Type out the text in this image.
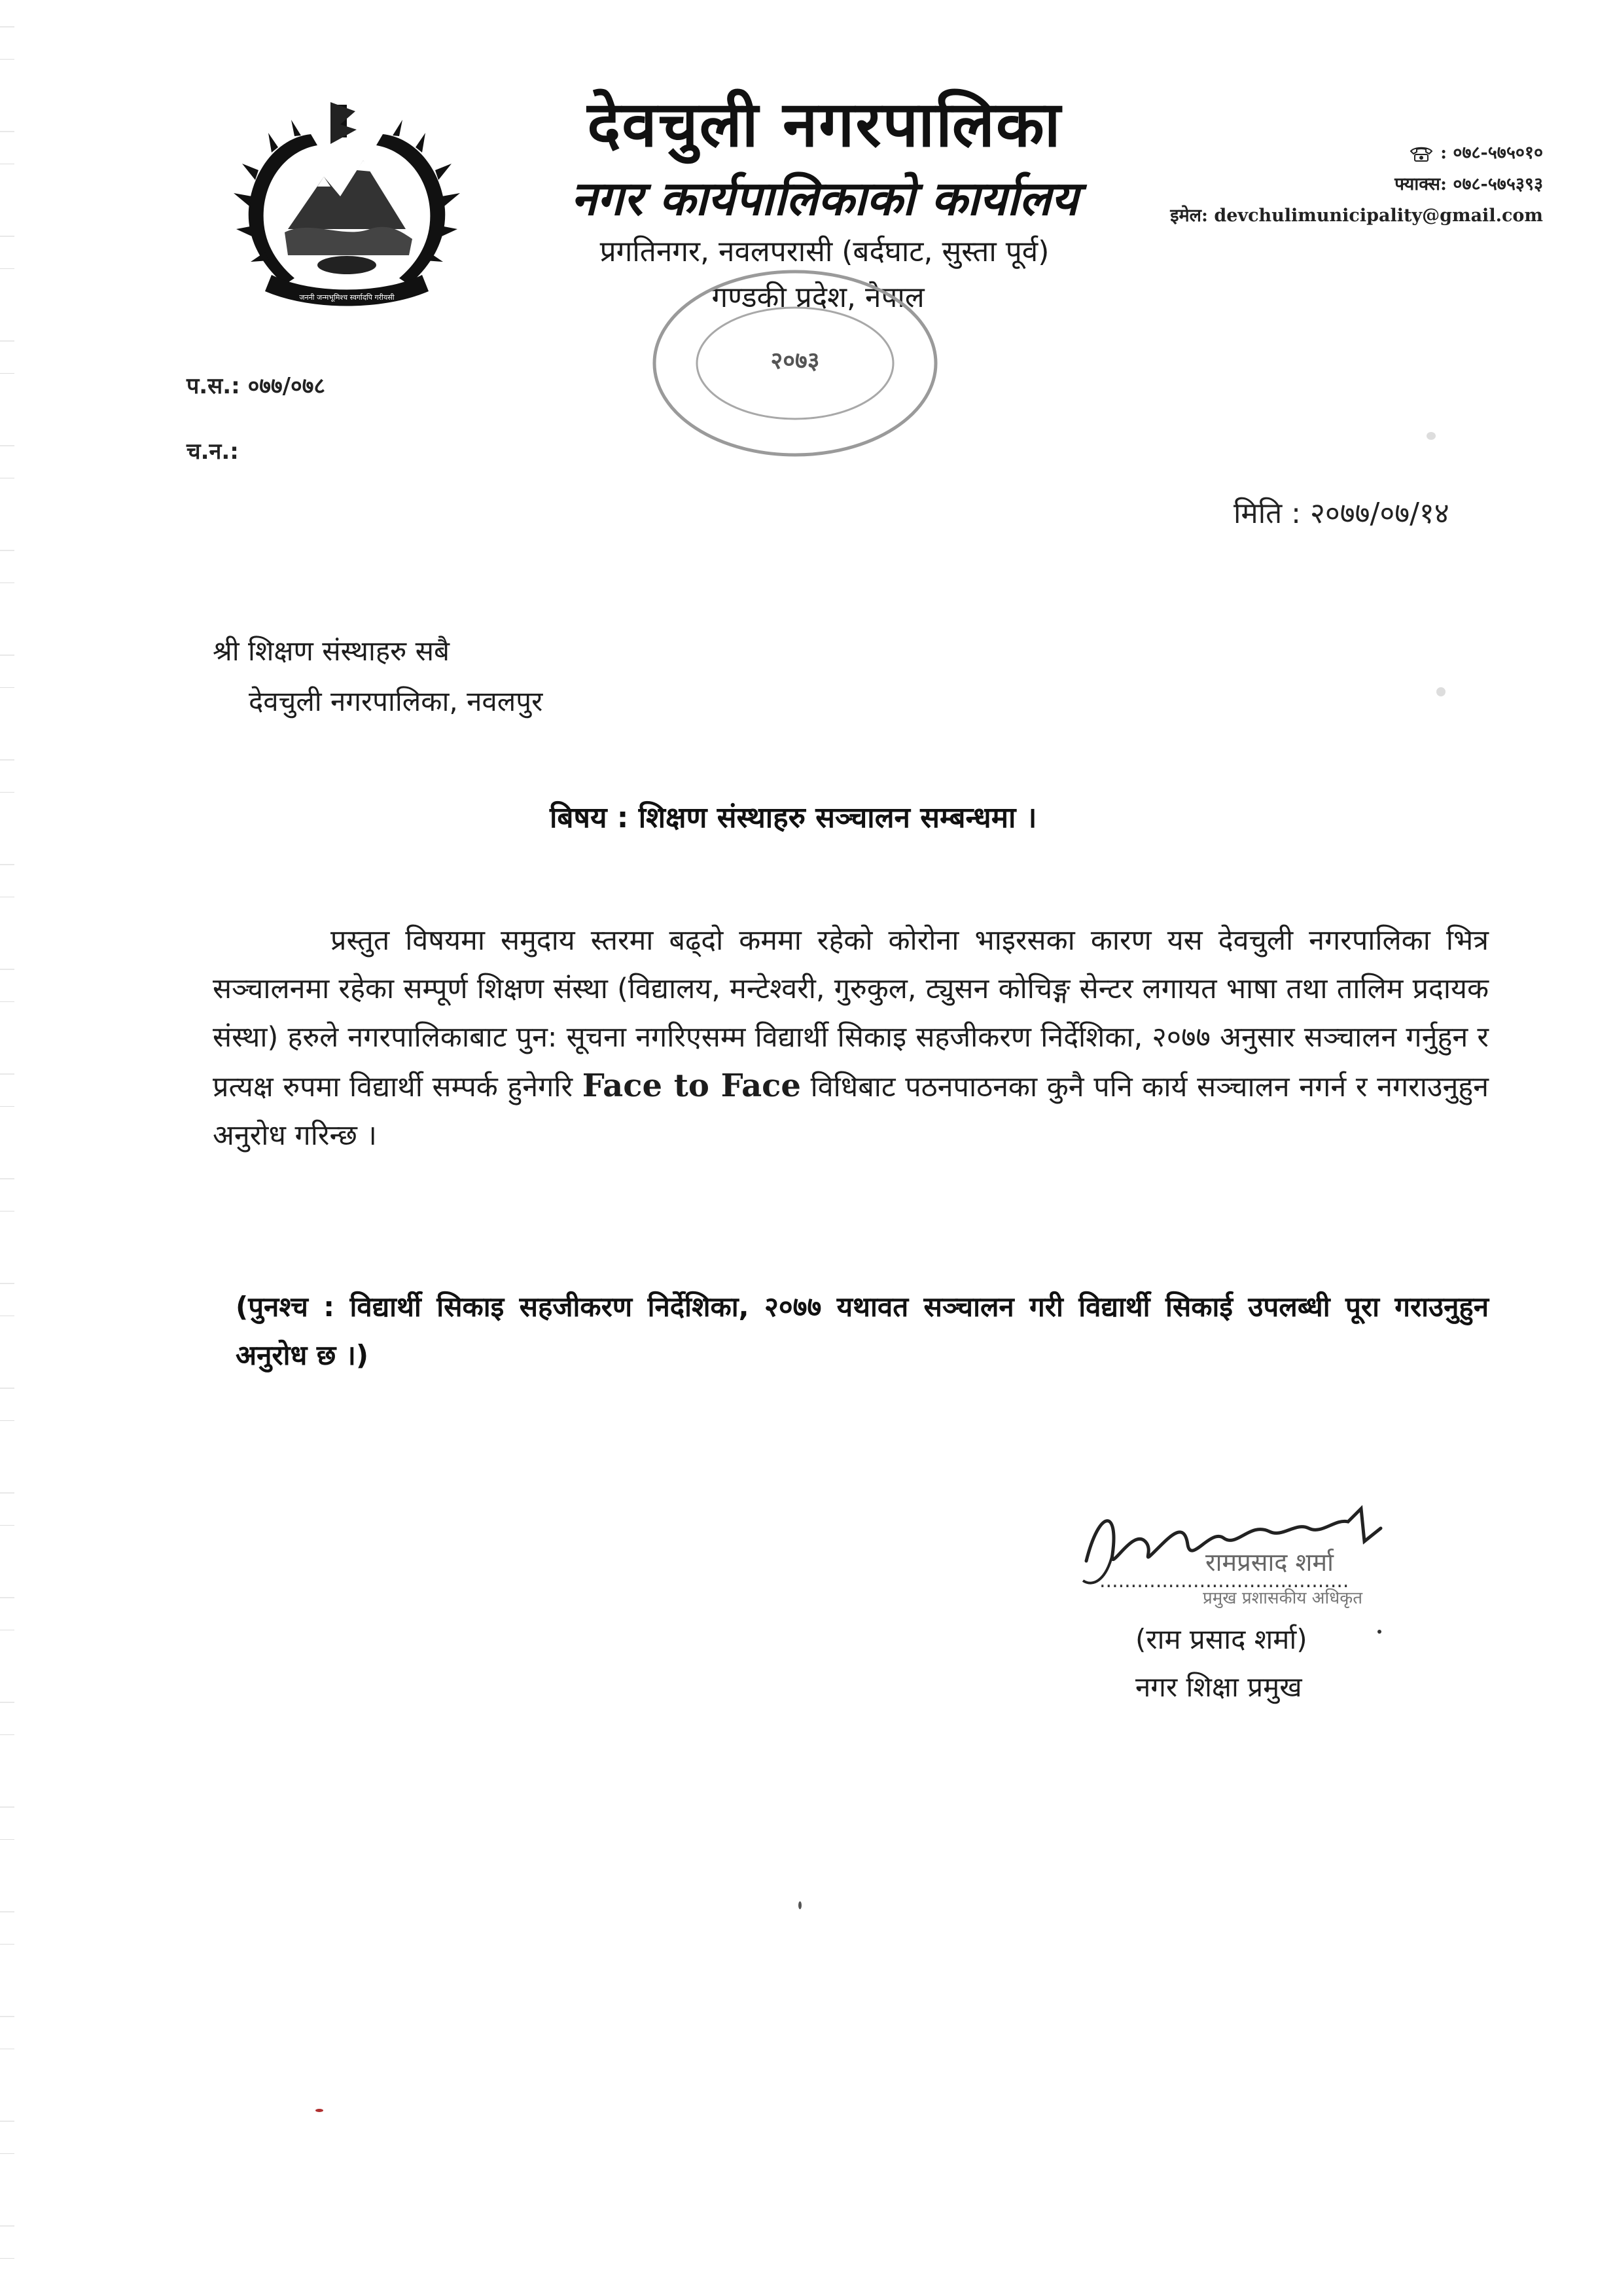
जननी जन्मभूमिश्च स्वर्गादपि गरीयसी
देवचुली नगरपालिका
नगर कार्यपालिकाको कार्यालय
प्रगतिनगर, नवलपरासी (बर्दघाट, सुस्ता पूर्व)
गण्डकी प्रदेश, नेपाल
: ०७८-५७५०१०
फ्याक्स: ०७८-५७५३९३
इमेल: devchulimunicipality@gmail.com
२०७३
प.स.: ०७७/०७८
च.न.:
मिति : २०७७/०७/१४
श्री शिक्षण संस्थाहरु सबै
देवचुली नगरपालिका, नवलपुर
बिषय : शिक्षण संस्थाहरु सञ्चालन सम्बन्धमा ।
प्रस्तुत विषयमा समुदाय स्तरमा बढ्दो कममा रहेको कोरोना भाइरसका कारण यस देवचुली नगरपालिका भित्र सञ्चालनमा रहेका सम्पूर्ण शिक्षण संस्था (विद्यालय, मन्टेश्वरी, गुरुकुल, ट्युसन कोचिङ्ग सेन्टर लगायत भाषा तथा तालिम प्रदायक संस्था) हरुले नगरपालिकाबाट पुन: सूचना नगरिएसम्म विद्यार्थी सिकाइ सहजीकरण निर्देशिका, २०७७ अनुसार सञ्चालन गर्नुहुन र प्रत्यक्ष रुपमा विद्यार्थी सम्पर्क हुनेगरि Face to Face विधिबाट पठनपाठनका कुनै पनि कार्य सञ्चालन नगर्न र नगराउनुहुन अनुरोध गरिन्छ ।
(पुनश्च : विद्यार्थी सिकाइ सहजीकरण निर्देशिका, २०७७ यथावत सञ्चालन गरी विद्यार्थी सिकाई उपलब्धी पूरा गराउनुहुन अनुरोध छ ।)
रामप्रसाद शर्मा
........................................
प्रमुख प्रशासकीय अधिकृत
(राम प्रसाद शर्मा)
नगर शिक्षा प्रमुख
